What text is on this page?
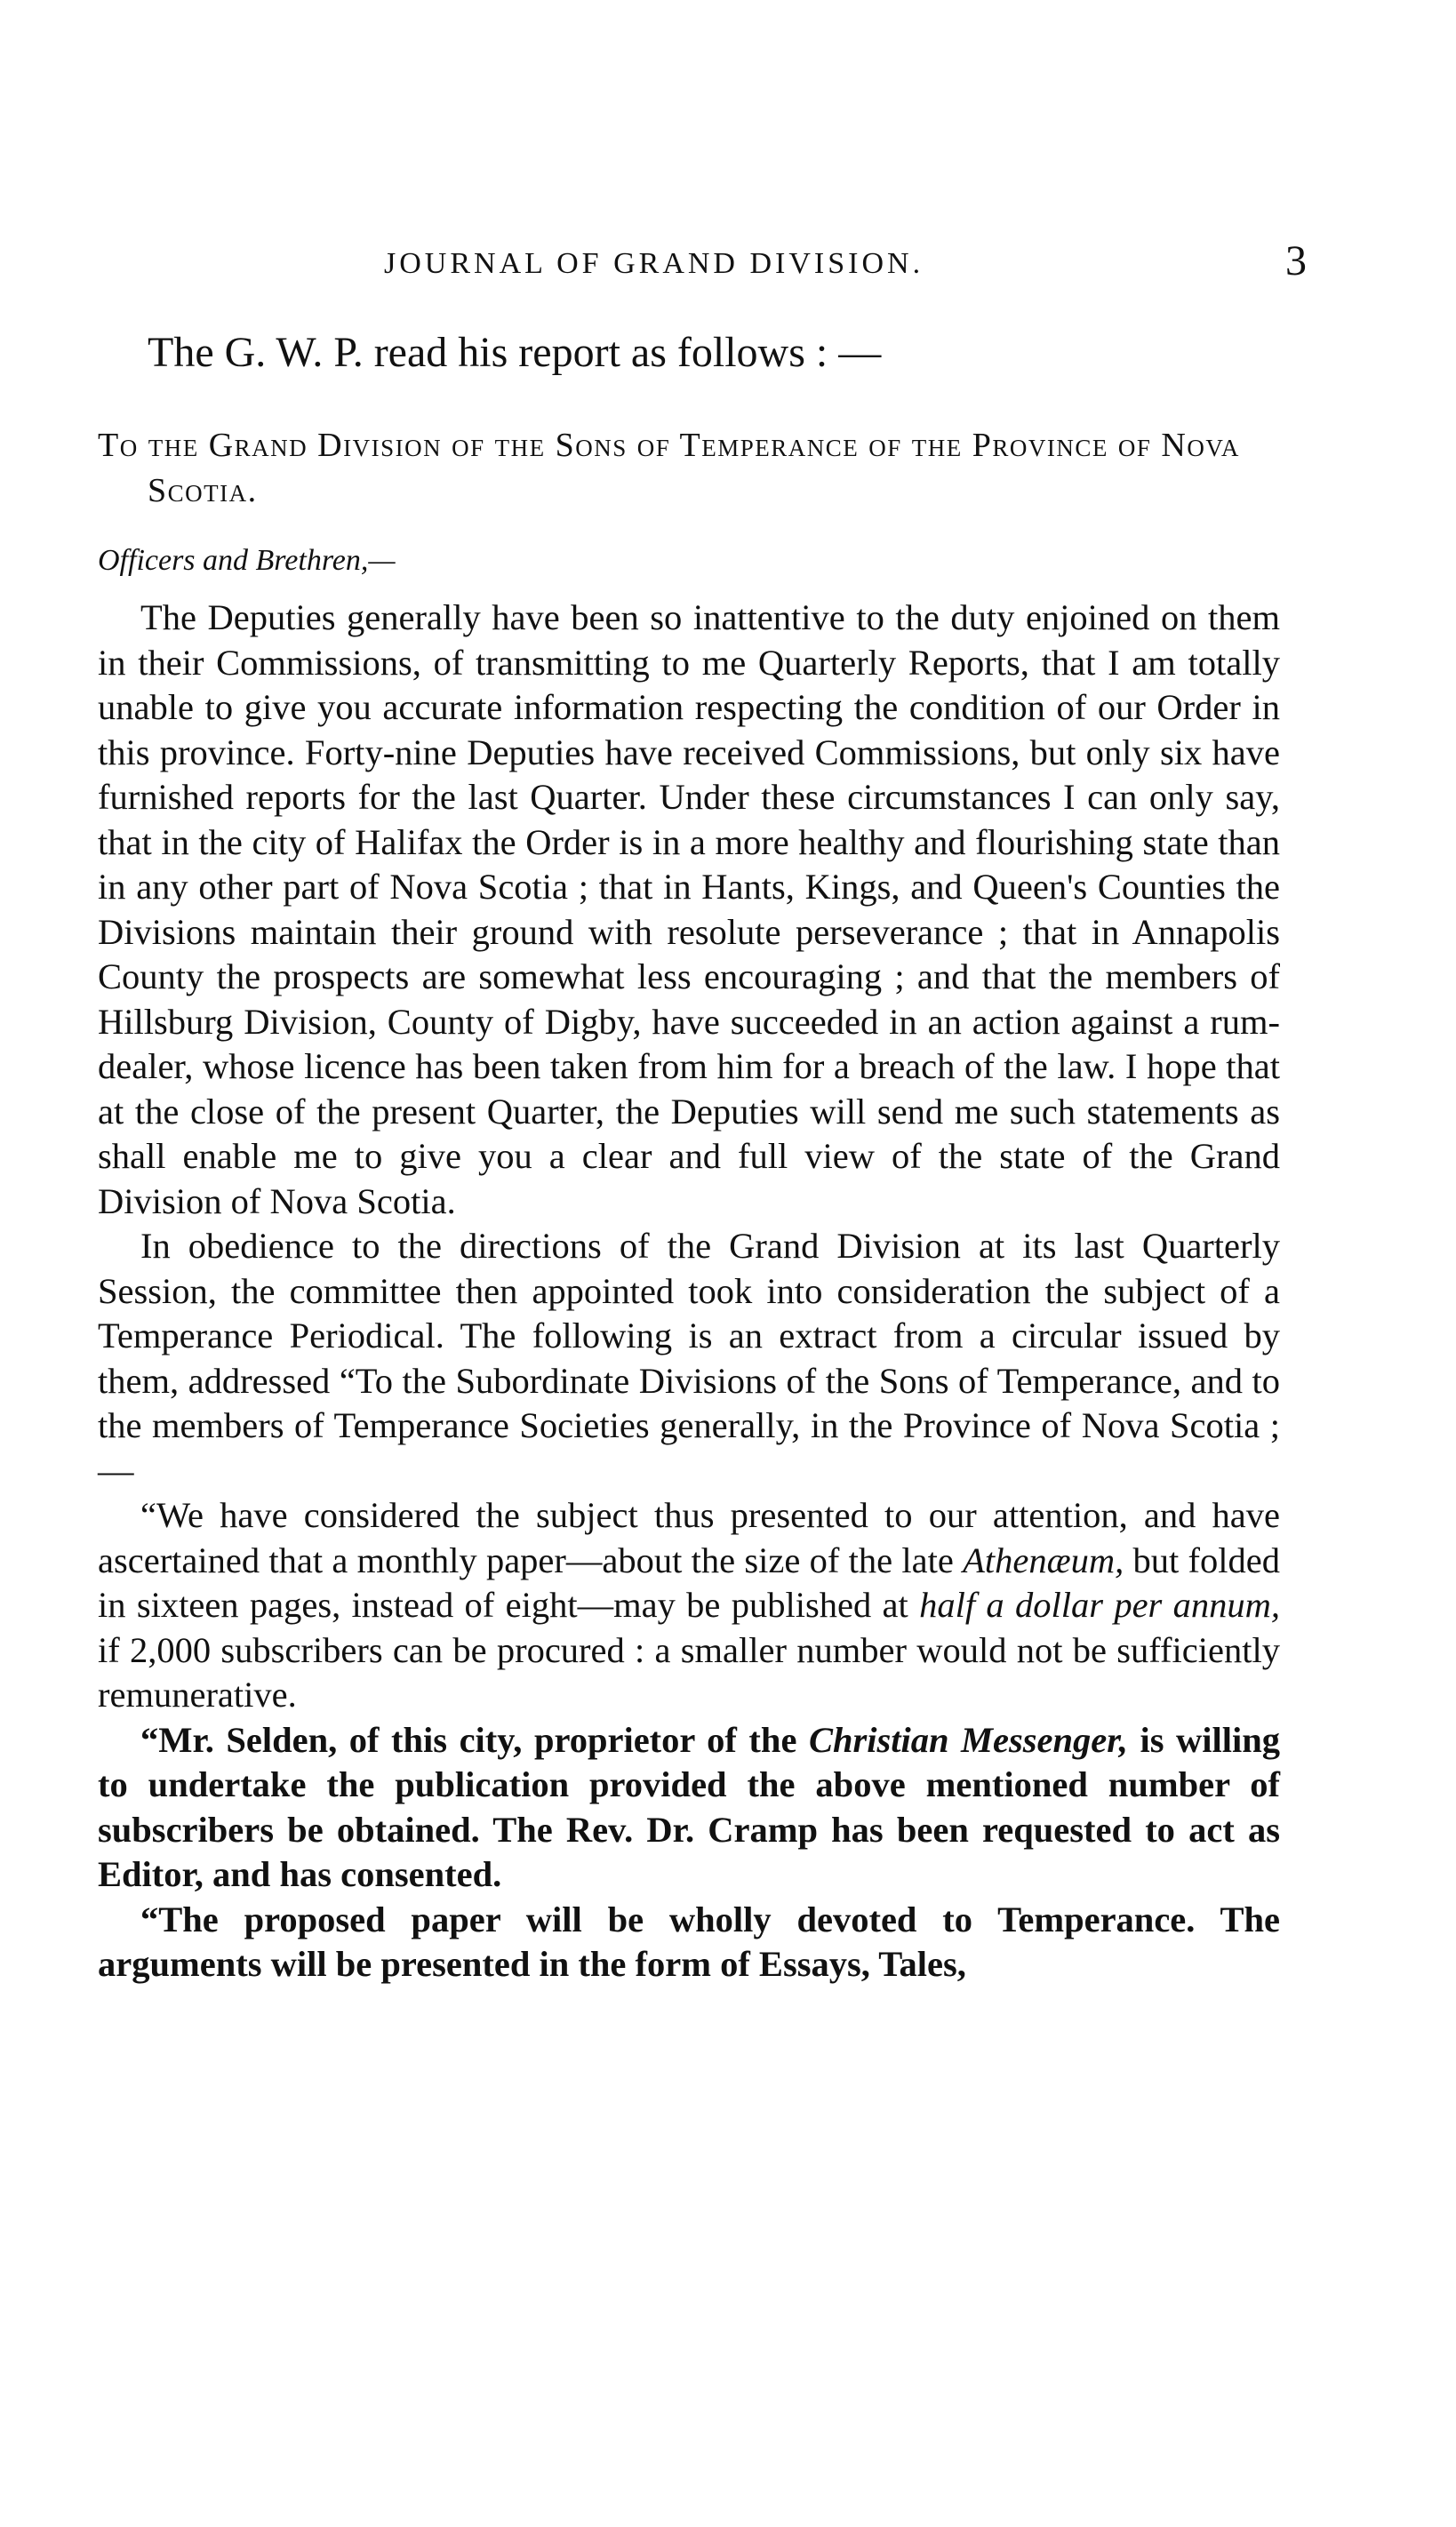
JOURNAL OF GRAND DIVISION.	3
The G. W. P. read his report as follows : —
To the Grand Division of the Sons of Temperance of the Province of Nova Scotia.
Officers and Brethren,—

The Deputies generally have been so inattentive to the duty enjoined on them in their Commissions, of transmitting to me Quarterly Reports, that I am totally unable to give you accurate information respecting the condition of our Order in this province. Forty-nine Deputies have received Commissions, but only six have furnished reports for the last Quarter. Under these circumstances I can only say, that in the city of Halifax the Order is in a more healthy and flourishing state than in any other part of Nova Scotia ; that in Hants, Kings, and Queen's Counties the Divisions maintain their ground with resolute perseverance ; that in Annapolis County the prospects are somewhat less encouraging ; and that the members of Hillsburg Division, County of Digby, have succeeded in an action against a rum-dealer, whose licence has been taken from him for a breach of the law. I hope that at the close of the present Quarter, the Deputies will send me such statements as shall enable me to give you a clear and full view of the state of the Grand Division of Nova Scotia.

In obedience to the directions of the Grand Division at its last Quarterly Session, the committee then appointed took into consideration the subject of a Temperance Periodical. The following is an extract from a circular issued by them, addressed “To the Subordinate Divisions of the Sons of Temperance, and to the members of Temperance Societies generally, in the Province of Nova Scotia ;—

“We have considered the subject thus presented to our attention, and have ascertained that a monthly paper—about the size of the late Athenæum, but folded in sixteen pages, instead of eight—may be published at half a dollar per annum, if 2,000 subscribers can be procured : a smaller number would not be sufficiently remunerative.

“Mr. Selden, of this city, proprietor of the Christian Messenger, is willing to undertake the publication provided the above mentioned number of subscribers be obtained. The Rev. Dr. Cramp has been requested to act as Editor, and has consented.

“The proposed paper will be wholly devoted to Temperance. The arguments will be presented in the form of Essays, Tales,
